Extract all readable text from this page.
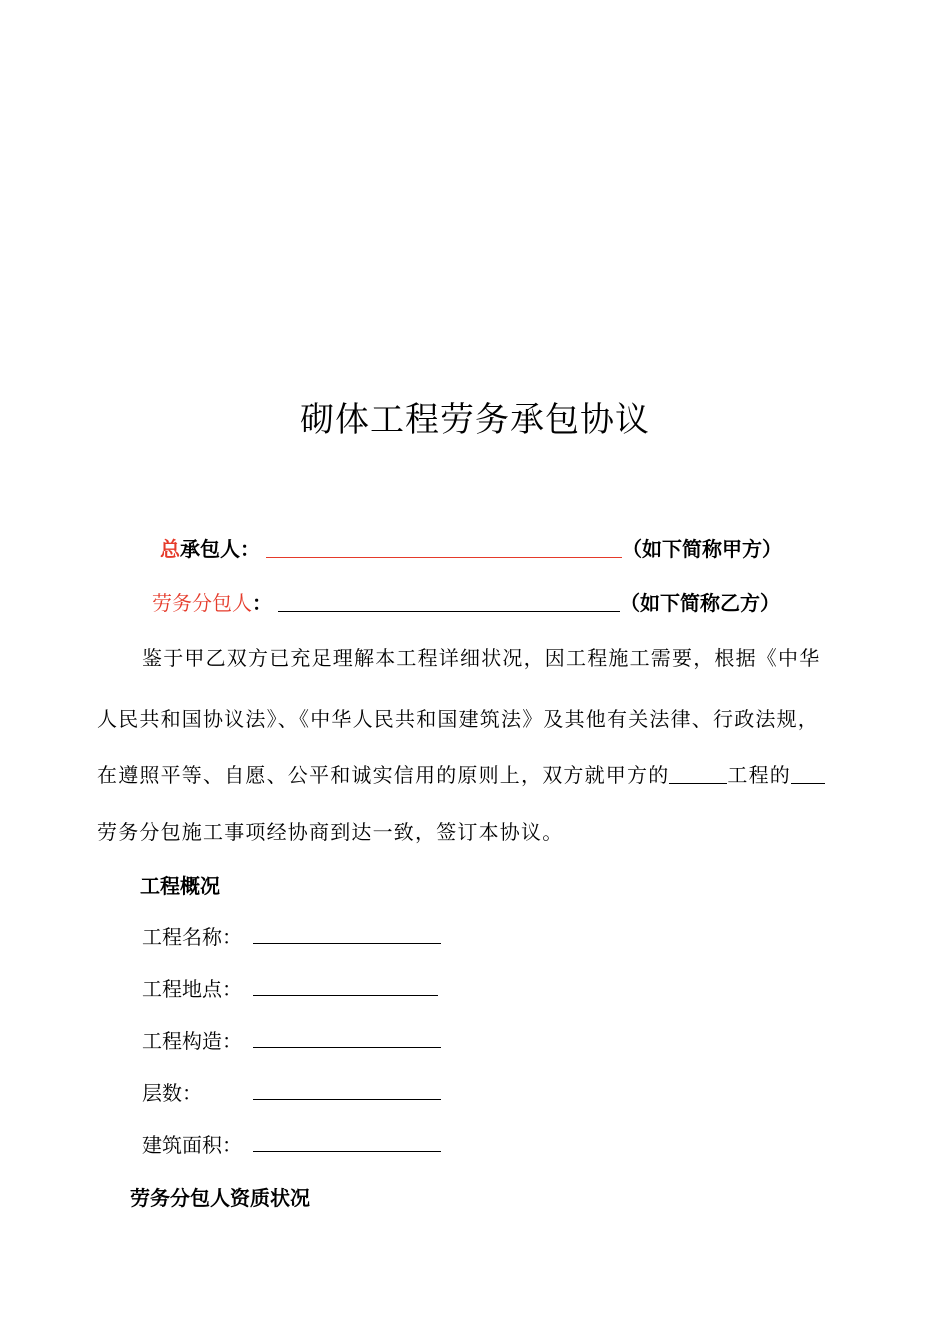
砌体工程劳务承包协议
总承包人：	（如下简称甲方）
劳务分包人：	（如下简称乙方）
鉴于甲乙双方已充足理解本工程详细状况，因工程施工需要，根据《中华
人民共和国协议法》、《中华人民共和国建筑法》及其他有关法律、行政法规，
在遵照平等、自愿、公平和诚实信用的原则上，双方就甲方的	工程的
劳务分包施工事项经协商到达一致，签订本协议。
工程概况
工程名称：
工程地点：
工程构造：
层数：
建筑面积：
劳务分包人资质状况
